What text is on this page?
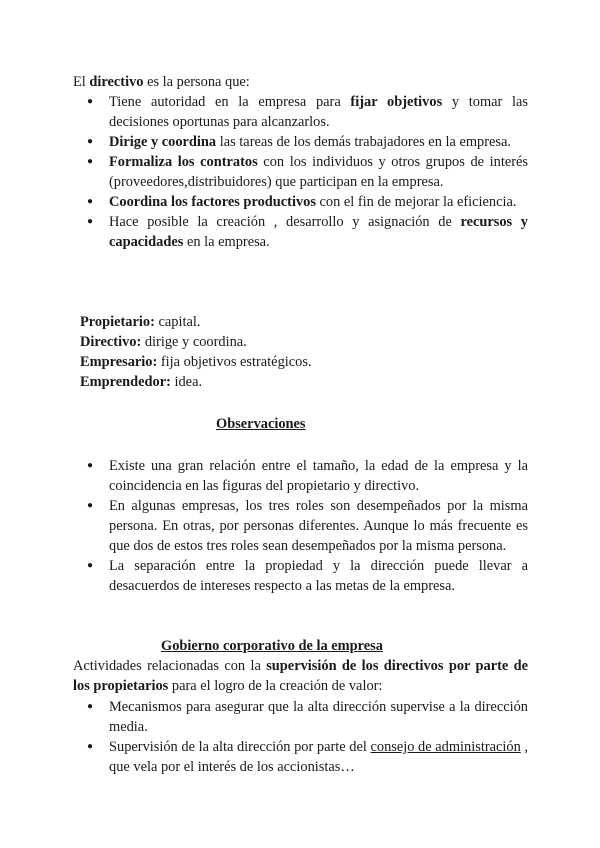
El directivo es la persona que:
● Tiene autoridad en la empresa para fijar objetivos y tomar las decisiones oportunas para alcanzarlos.
● Dirige y coordina las tareas de los demás trabajadores en la empresa.
● Formaliza los contratos con los individuos y otros grupos de interés (proveedores,distribuidores) que participan en la empresa.
● Coordina los factores productivos con el fin de mejorar la eficiencia.
● Hace posible la creación , desarrollo y asignación de recursos y capacidades en la empresa.
Propietario: capital.
Directivo: dirige y coordina.
Empresario: fija objetivos estratégicos.
Emprendedor: idea.
Observaciones
● Existe una gran relación entre el tamaño, la edad de la empresa y la coincidencia en las figuras del propietario y directivo.
● En algunas empresas, los tres roles son desempeñados por la misma persona. En otras, por personas diferentes. Aunque lo más frecuente es que dos de estos tres roles sean desempeñados por la misma persona.
● La separación entre la propiedad y la dirección puede llevar a desacuerdos de intereses respecto a las metas de la empresa.
Gobierno corporativo de la empresa
Actividades relacionadas con la supervisión de los directivos por parte de los propietarios para el logro de la creación de valor:
● Mecanismos para asegurar que la alta dirección supervise a la dirección media.
● Supervisión de la alta dirección por parte del consejo de administración , que vela por el interés de los accionistas…
